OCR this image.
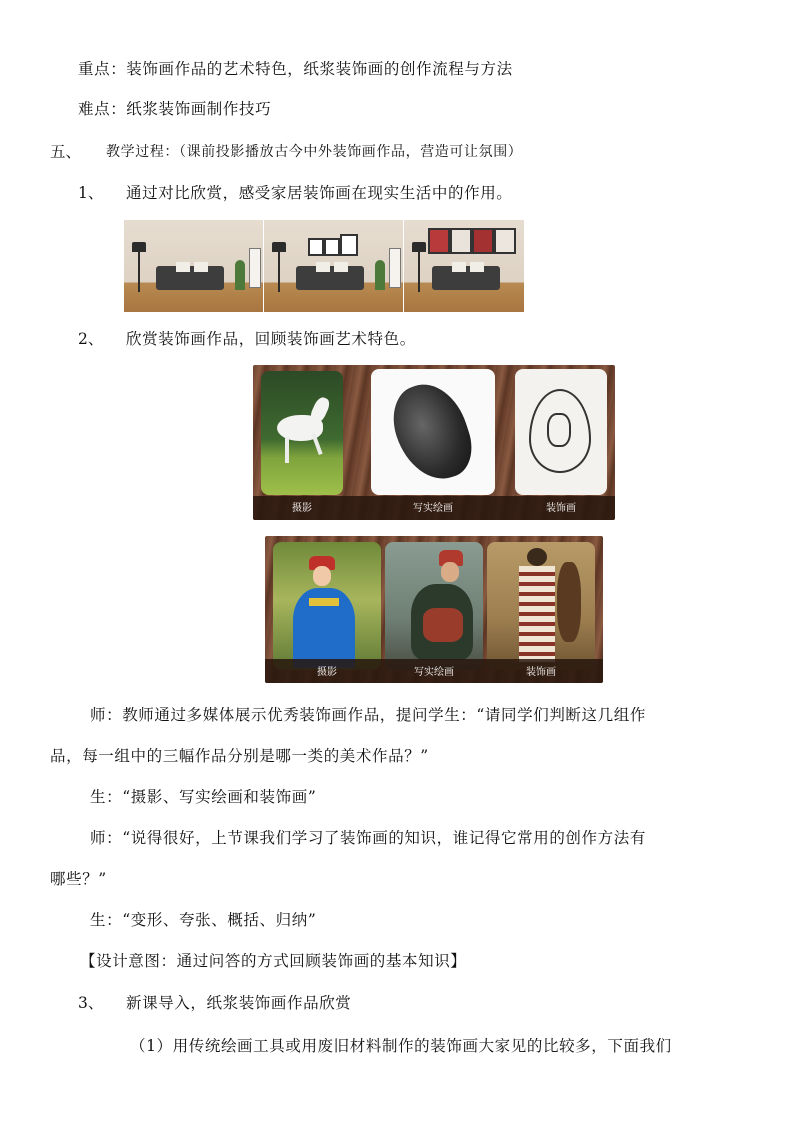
重点：装饰画作品的艺术特色，纸浆装饰画的创作流程与方法
难点：纸浆装饰画制作技巧
五、 教学过程：（课前投影播放古今中外装饰画作品，营造可让氛围）
1、 通过对比欣赏，感受家居装饰画在现实生活中的作用。
2、 欣赏装饰画作品，回顾装饰画艺术特色。
摄影	写实绘画	装饰画
摄影	写实绘画	装饰画
师：教师通过多媒体展示优秀装饰画作品，提问学生：“请同学们判断这几组作
品，每一组中的三幅作品分别是哪一类的美术作品？”
生：“摄影、写实绘画和装饰画”
师：“说得很好，上节课我们学习了装饰画的知识，谁记得它常用的创作方法有
哪些？”
生：“变形、夸张、概括、归纳”
【设计意图：通过问答的方式回顾装饰画的基本知识】
3、 新课导入，纸浆装饰画作品欣赏
（1）用传统绘画工具或用废旧材料制作的装饰画大家见的比较多，下面我们
